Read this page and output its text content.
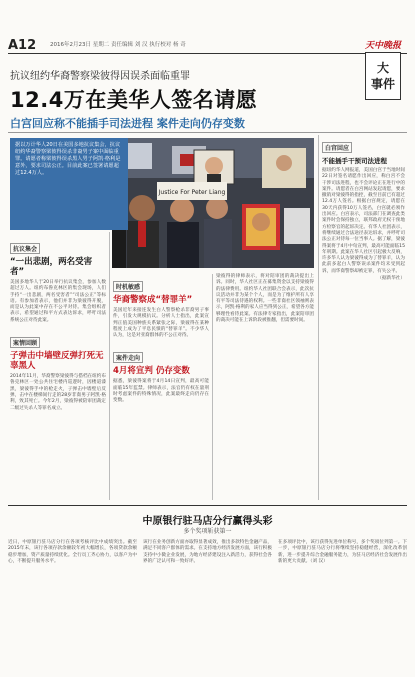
A12	2016年2月23日 星期二 责任编辑 刘 汉 执行校对 杨 奇	天中晚报
大
事件
抗议纽约华裔警察梁彼得因误杀面临重罪
12.4万在美华人签名请愿
白宫回应称不能插手司法进程 案件走向仍存变数
Justice For Peter Liang
据以万计华人20日在美国多地抗议集会，抗议纽约华裔警察梁彼得误杀非裔男子案中面临重罪。请愿者称梁彼得误杀黑人男子阿凯·格利是意外，要求司法公正。目前此案已签署请愿超过12.4万人。
白宫回应
不能插手干预司法进程
据纽约华人网报道，美国白宫于当地时间22日对签名请愿作出回应，称白宫不会干涉司法进程，也不会评论正在进行中的案件。请愿者在白宫网站发起请愿，要求撤销对梁彼得的指控，截至目前已有超过12.4万人签名。根据白宫规定，请愿在30天内获得10万人签名，白宫就必须作出回应。白宫表示，司法部门在调查此类案件时会保持独立，联邦政府无权干预地方检察官的起诉决定。有华人社团表示，将继续通过合法途径表达诉求，并呼吁司法公正对待每一位当事人。据了解，梁彼得案将于4月中旬宣判，最高可能面临15年刑期。此案在华人社区引起极大反响，许多华人认为梁彼得成为了替罪羊，认为此前多起白人警察误杀案件均未受到起诉，而华裔警察却被定罪，有失公平。
（据新华社）
抗议集会
“一出悲剧，两名受害者”
美国多地华人于20日举行抗议集会，参加人数超过万人。纽约布鲁克林区的集会现场，人们手持“一出悲剧，两名受害者”“司法公正”等标语。有参加者表示，他们并非为梁彼得开脱，而是认为此案中存在不公平对待。集会组织者表示，希望通过和平方式表达诉求，呼吁司法系统公正对待此案。
案情回顾
子弹击中墙壁反弹打死无辜黑人
2014年11月，华裔警察梁彼得与搭档在纽约布鲁克林区一处公共住宅楼内巡逻时，因楼道漆黑，梁彼得手中的枪走火，子弹击中墙壁后反弹，击中在楼梯间行走的28岁非裔男子阿凯·格利，致其死亡。今年2月，梁彼得被陪审团裁定二级过失杀人等罪名成立。
时机敏感
华裔警察成“替罪羊”
美国近年来接连发生白人警察枪杀非裔男子事件，引发大规模抗议。分析人士指出，此案宣判正值美国种族关系紧张之际，梁彼得在某种程度上成为了平息民愤的“替罪羊”。不少华人认为，这是对亚裔群体的不公正对待。
案件走向
4月将宣判 仍存变数
据悉，梁彼得案将于4月14日宣判，最高可能面临15年监禁。律师表示，法官仍有权在量刑时考虑案件的特殊情况，此案最终走向仍存在变数。
梁彼得的律师表示，将对陪审团的裁决提出上诉。同时，华人社区正在募集资金以支持梁彼得的法律费用。纽约华人社团联合会表示，此次抗议活动并非为某个个人，而是为了维护所有人享有平等司法待遇的权利。一些非裔社区领袖则表示，阿凯·格利的家人应当得到公正，希望各方能够理性看待此案。有法律专家指出，此案陪审团的裁决可能在上诉阶段被推翻，但需要时间。
中原银行驻马店分行赢得头彩
多个奖项斩获第一
近日，中原银行驻马店分行在各项考核评比中成绩突出。截至2015年末，该行各项存款余额较年初大幅增长，各项贷款余额稳步增加，资产质量持续优化。全行员工齐心协力，以客户为中心，不断提升服务水平。
该行在业务创新方面亦取得显著成效，推出多款特色金融产品，满足不同客户群体的需求。在支持地方经济发展方面，该行积极支持中小微企业发展，为地方经济建设注入新活力，获得社会各界的广泛认可和一致好评。
在多项评比中，该行获得先进单位称号，多个奖项位列第一。下一步，中原银行驻马店分行将继续坚持稳健经营，深化改革创新，进一步提升综合金融服务能力，为驻马店经济社会发展作出新的更大贡献。（刘 汉）
